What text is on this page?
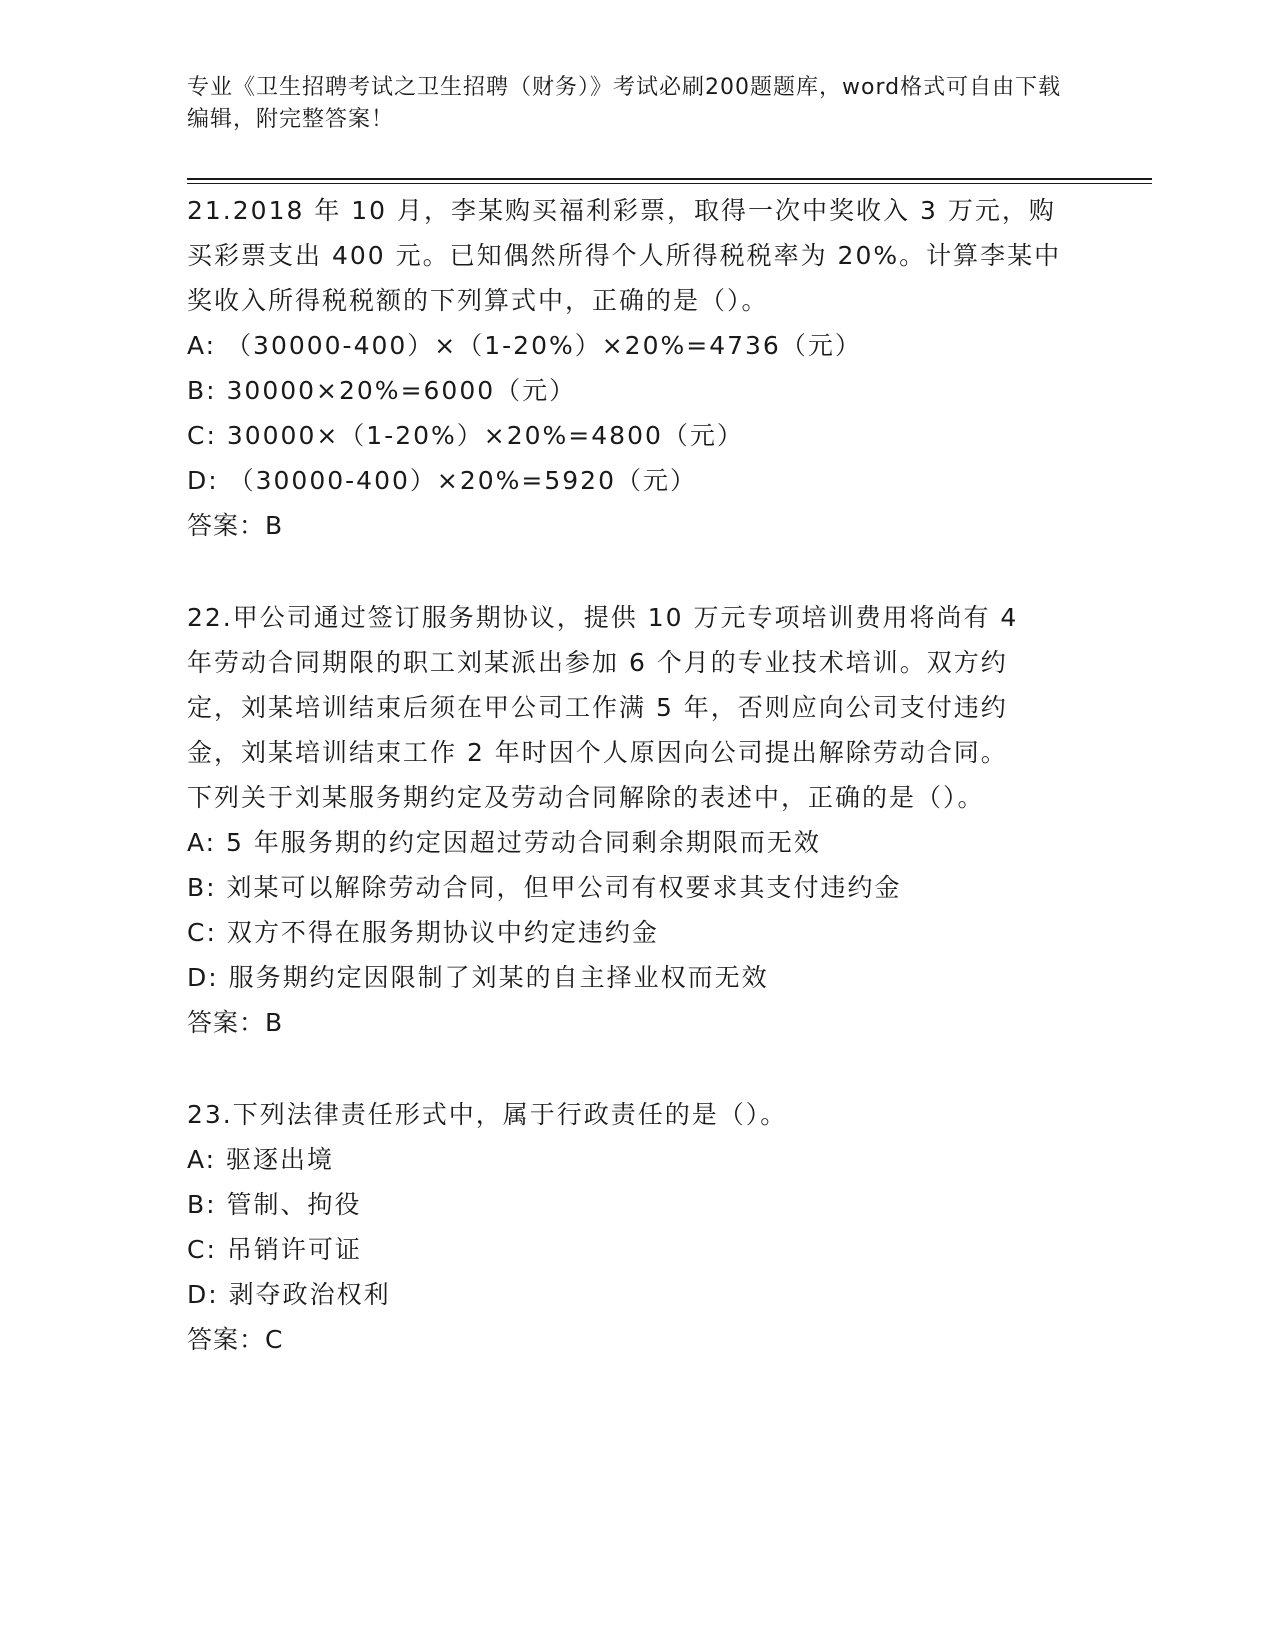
专业《卫生招聘考试之卫生招聘（财务）》考试必刷200题题库，word格式可自由下载编辑，附完整答案！
21.2018 年 10 月，李某购买福利彩票，取得一次中奖收入 3 万元，购
买彩票支出 400 元。已知偶然所得个人所得税税率为 20%。计算李某中
奖收入所得税税额的下列算式中，正确的是（）。
A: （30000-400）×（1-20%）×20%=4736（元）
B: 30000×20%=6000（元）
C: 30000×（1-20%）×20%=4800（元）
D: （30000-400）×20%=5920（元）
答案：B
22.甲公司通过签订服务期协议，提供 10 万元专项培训费用将尚有 4
年劳动合同期限的职工刘某派出参加 6 个月的专业技术培训。双方约
定，刘某培训结束后须在甲公司工作满 5 年，否则应向公司支付违约
金，刘某培训结束工作 2 年时因个人原因向公司提出解除劳动合同。
下列关于刘某服务期约定及劳动合同解除的表述中，正确的是（）。
A: 5 年服务期的约定因超过劳动合同剩余期限而无效
B: 刘某可以解除劳动合同，但甲公司有权要求其支付违约金
C: 双方不得在服务期协议中约定违约金
D: 服务期约定因限制了刘某的自主择业权而无效
答案：B
23.下列法律责任形式中，属于行政责任的是（）。
A: 驱逐出境
B: 管制、拘役
C: 吊销许可证
D: 剥夺政治权利
答案：C
